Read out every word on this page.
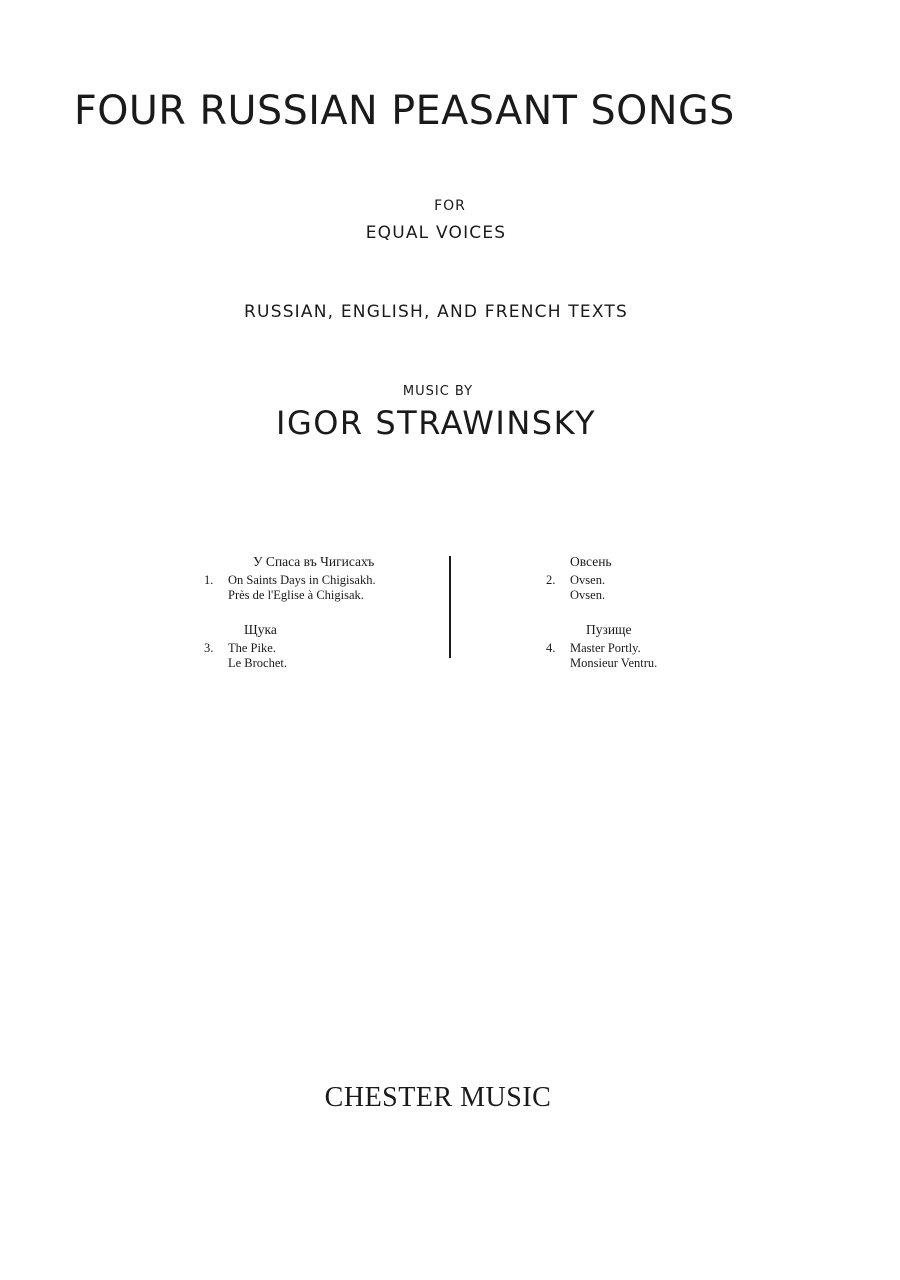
FOUR RUSSIAN PEASANT SONGS
FOR
EQUAL VOICES
RUSSIAN, ENGLISH, AND FRENCH TEXTS
MUSIC BY
IGOR STRAWINSKY
У Спаса въ Чигисахъ
1.	On Saints Days in Chigisakh.
Près de l'Eglise à Chigisak.
Щука
3.	The Pike.
Le Brochet.
Овсень
2.	Ovsen.
Ovsen.
Пузище
4.	Master Portly.
Monsieur Ventru.
CHESTER MUSIC
